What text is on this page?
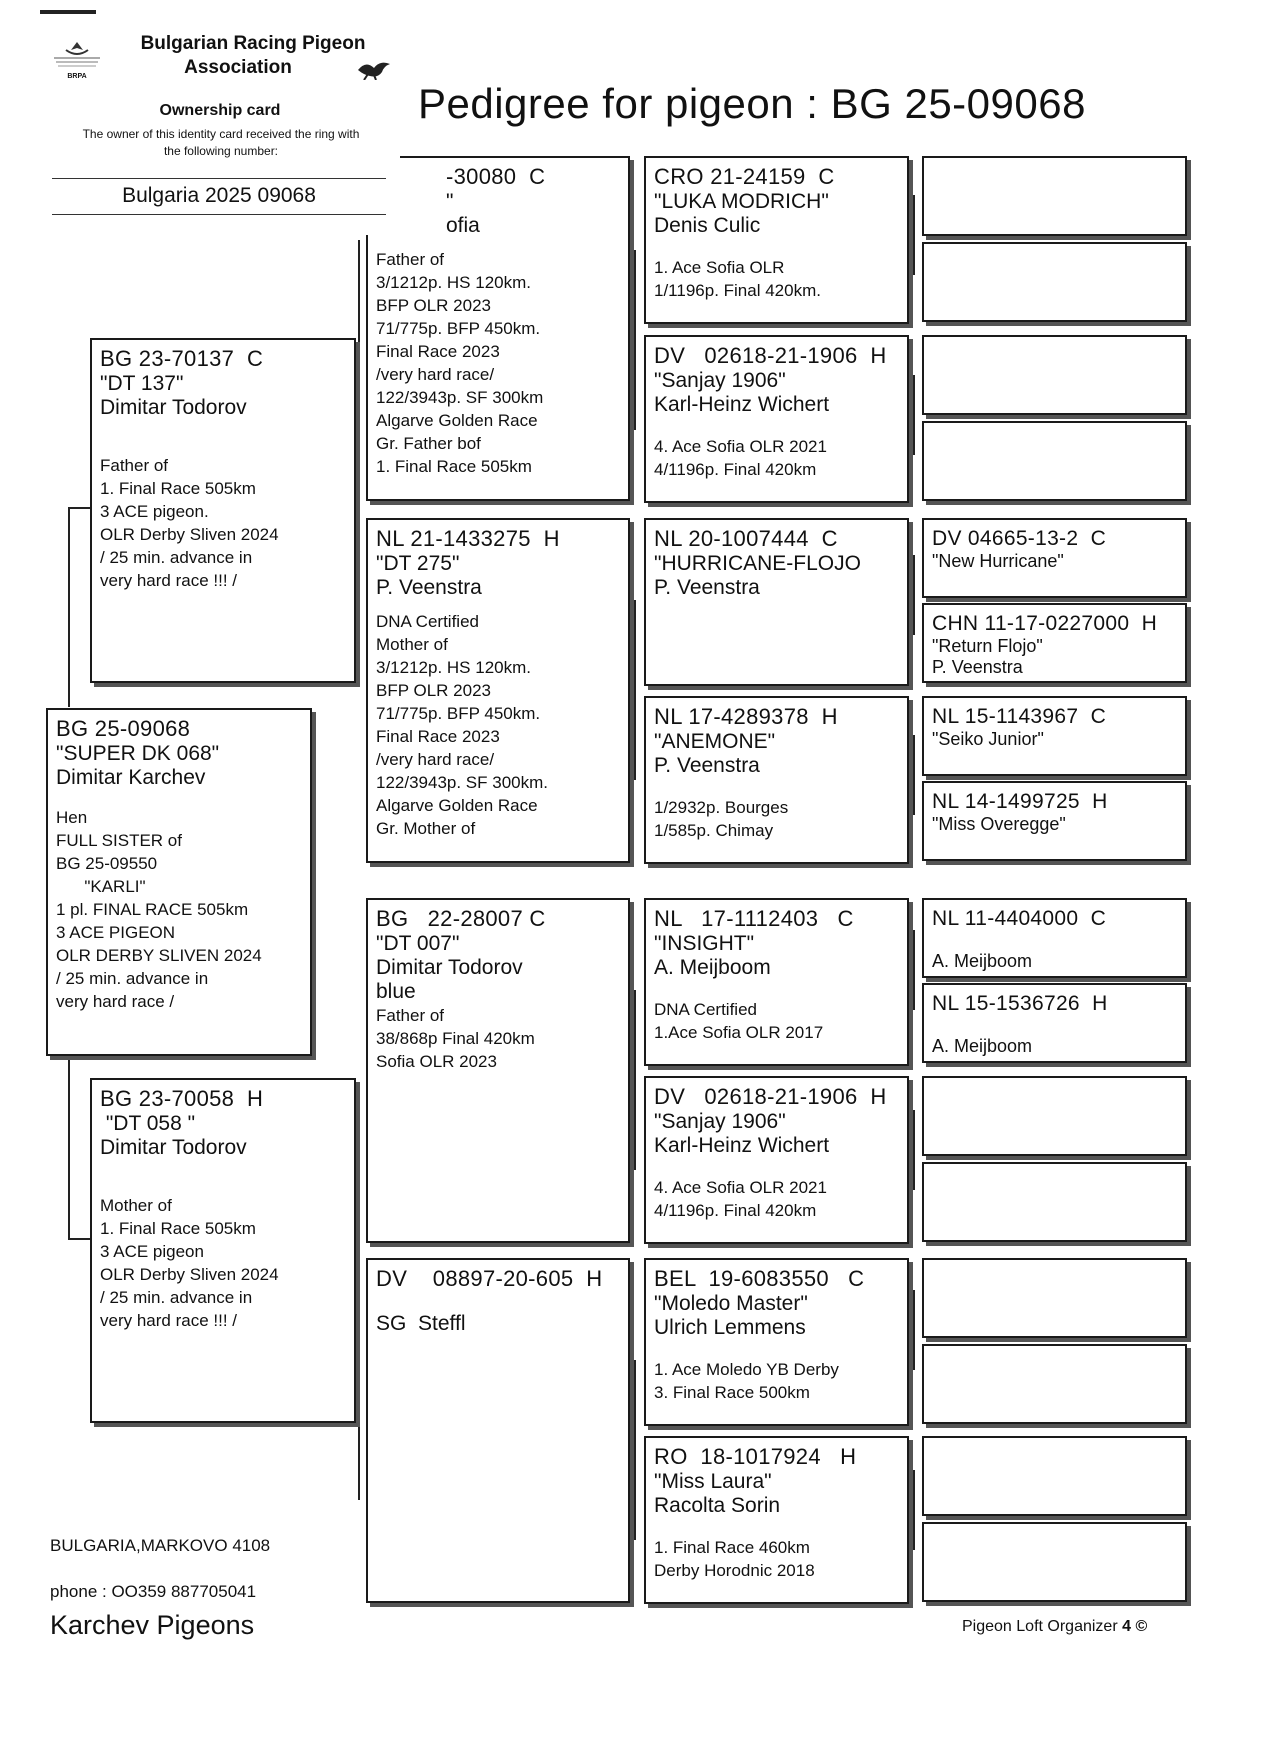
Pedigree for pigeon : BG 25-09068
-30080  C
"
ofia
Father of
3/1212p. HS 120km.
BFP OLR 2023
71/775p. BFP 450km.
Final Race 2023
/very hard race/
122/3943p. SF 300km
Algarve Golden Race
Gr. Father bof
1. Final Race 505km
NL 21-1433275  H
"DT 275"
P. Veenstra
DNA Certified
Mother of
3/1212p. HS 120km.
BFP OLR 2023
71/775p. BFP 450km.
Final Race 2023
/very hard race/
122/3943p. SF 300km.
Algarve Golden Race
Gr. Mother of
BG   22-28007 C
"DT 007"
Dimitar Todorov
blue
Father of
38/868p Final 420km
Sofia OLR 2023
DV    08897-20-605  H
SG  Steffl
BG 23-70137  C
"DT 137"
Dimitar Todorov
Father of
1. Final Race 505km
3 ACE pigeon.
OLR Derby Sliven 2024
/ 25 min. advance in
very hard race !!! /
BG 23-70058  H
"DT 058 "
Dimitar Todorov
Mother of
1. Final Race 505km
3 ACE pigeon
OLR Derby Sliven 2024
/ 25 min. advance in
very hard race !!! /
BG 25-09068
"SUPER DK 068"
Dimitar Karchev
Hen
FULL SISTER of
BG 25-09550
"KARLI"
1 pl. FINAL RACE 505km
3 ACE PIGEON
OLR DERBY SLIVEN 2024
/ 25 min. advance in
very hard race /
CRO 21-24159  C
"LUKA MODRICH"
Denis Culic
1. Ace Sofia OLR
1/1196p. Final 420km.
DV   02618-21-1906  H
"Sanjay 1906"
Karl-Heinz Wichert
4. Ace Sofia OLR 2021
4/1196p. Final 420km
NL 20-1007444  C
"HURRICANE-FLOJO
P. Veenstra
NL 17-4289378  H
"ANEMONE"
P. Veenstra
1/2932p. Bourges
1/585p. Chimay
NL   17-1112403   C
"INSIGHT"
A. Meijboom
DNA Certified
1.Ace Sofia OLR 2017
DV   02618-21-1906  H
"Sanjay 1906"
Karl-Heinz Wichert
4. Ace Sofia OLR 2021
4/1196p. Final 420km
BEL  19-6083550   C
"Moledo Master"
Ulrich Lemmens
1. Ace Moledo YB Derby
3. Final Race 500km
RO  18-1017924   H
"Miss Laura"
Racolta Sorin
1. Final Race 460km
Derby Horodnic 2018
DV 04665-13-2  C
"New Hurricane"
CHN 11-17-0227000  H
"Return Flojo"
P. Veenstra
NL 15-1143967  C
"Seiko Junior"
NL 14-1499725  H
"Miss Overegge"
NL 11-4404000  C
A. Meijboom
NL 15-1536726  H
A. Meijboom
BRPA
Bulgarian Racing Pigeon
Association
Ownership card
The owner of this identity card received the ring with
the following number:
Bulgaria 2025 09068
BULGARIA,MARKOVO 4108
phone : OO359 887705041
Karchev Pigeons	Pigeon Loft Organizer 4 ©
